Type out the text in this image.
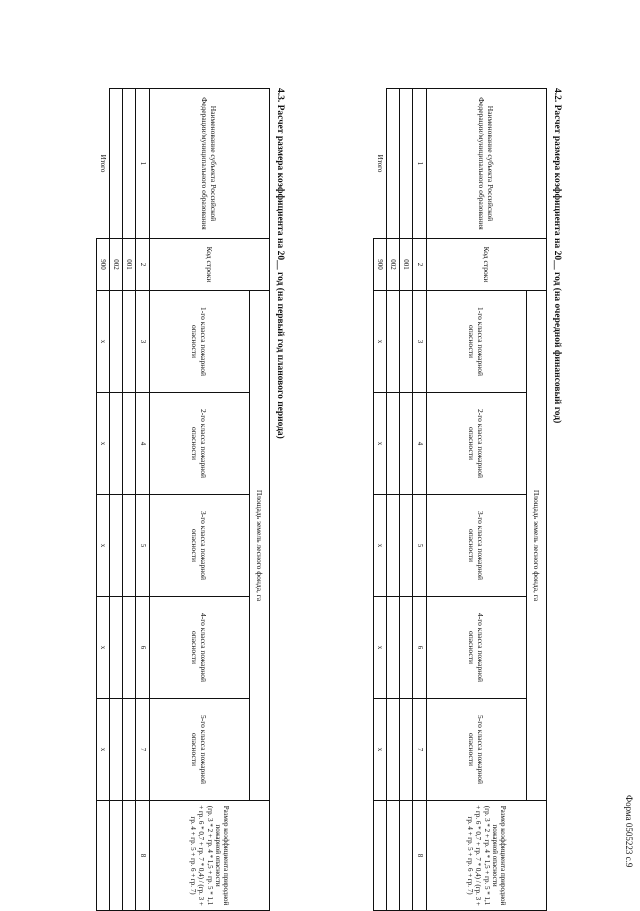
Форма 0505223 с.9
4.2. Расчет размера коэффициента на 20__ год (на очередной финансовый год)
Наименование субъекта Российской Федерации/муниципального образования	Код строки	Площадь земель лесного фонда, га					Размер коэффициента природной пожарной опасности
(гр. 3 * 2 + гр. 4 * 1,5 + гр. 5 * 1,1 + гр. 6 * 0,7 + гр. 7 * 0,4) / (гр. 3 + гр. 4 + гр. 5 + гр. 6 + гр. 7)
		1-го класса пожарной опасности	2-го класса пожарной опасности	3-го класса пожарной опасности	4-го класса пожарной опасности	5-го класса пожарной опасности	
1	2	3	4	5	6	7	8
	001						
	002						
Итого	900	x	x	x	x	x	
4.3. Расчет размера коэффициента на 20__ год (на первый год планового периода)
Наименование субъекта Российской Федерации/муниципального образования	Код строки	Площадь земель лесного фонда, га					Размер коэффициента природной пожарной опасности
(гр. 3 * 2 + гр. 4 * 1,5 + гр. 5 * 1,1 + гр. 6 * 0,7 + гр. 7 * 0,4) / (гр. 3 + гр. 4 + гр. 5 + гр. 6 + гр. 7)
		1-го класса пожарной опасности	2-го класса пожарной опасности	3-го класса пожарной опасности	4-го класса пожарной опасности	5-го класса пожарной опасности	
1	2	3	4	5	6	7	8
	001						
	002						
Итого	900	x	x	x	x	x	
